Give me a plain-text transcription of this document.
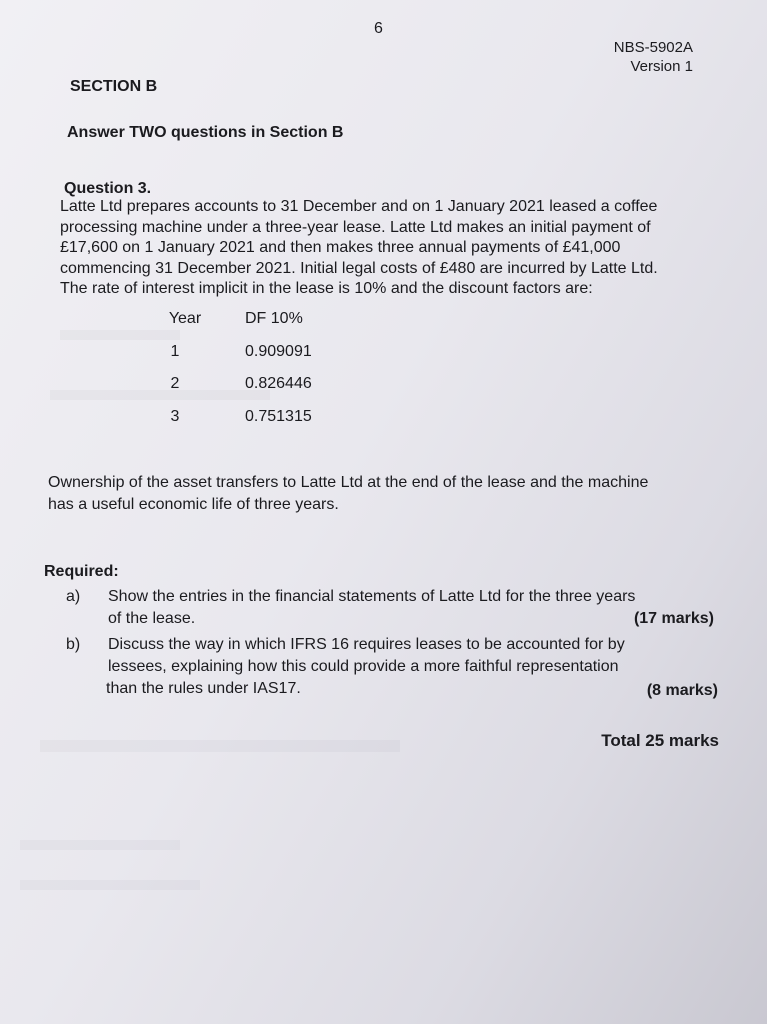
6
NBS-5902A
Version 1
SECTION B
Answer TWO questions in Section B
Question 3.
Latte Ltd prepares accounts to 31 December and on 1 January 2021 leased a coffee
processing machine under a three-year lease. Latte Ltd makes an initial payment of
£17,600 on 1 January 2021 and then makes three annual payments of £41,000
commencing 31 December 2021. Initial legal costs of £480 are incurred by Latte Ltd.
The rate of interest implicit in the lease is 10% and the discount factors are:
Year	DF 10%
1	0.909091
2	0.826446
3	0.751315
Ownership of the asset transfers to Latte Ltd at the end of the lease and the machine
has a useful economic life of three years.
Required:
a) Show the entries in the financial statements of Latte Ltd for the three years
of the lease.	(17 marks)
b) Discuss the way in which IFRS 16 requires leases to be accounted for by
lessees, explaining how this could provide a more faithful representation
than the rules under IAS17.	(8 marks)
Total 25 marks
